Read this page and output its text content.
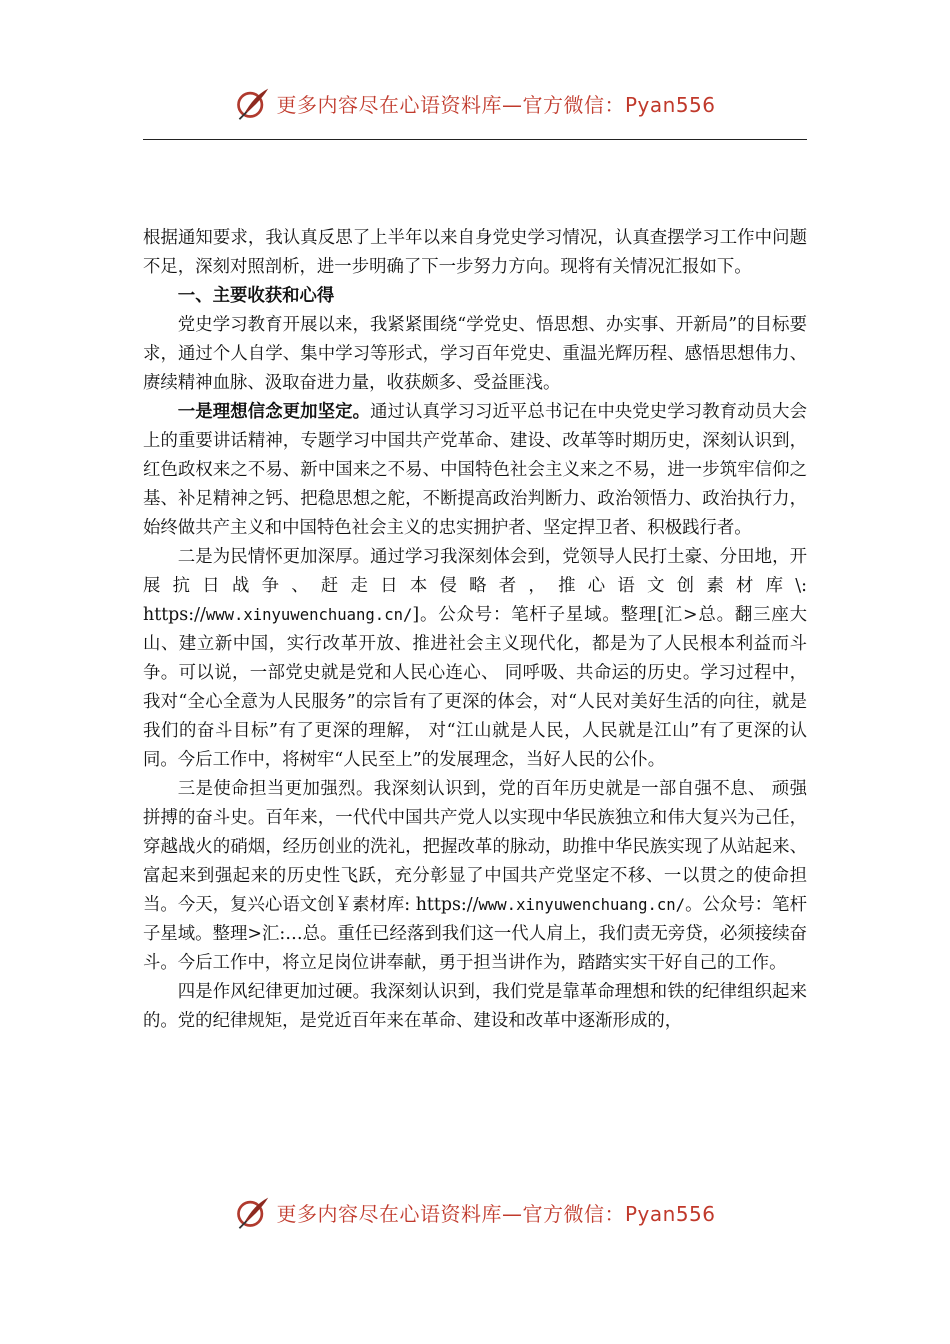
更多内容尽在心语资料库—官方微信：Pyan556

根据通知要求，我认真反思了上半年以来自身党史学习情况，认真查摆学习工作中问题不足，深刻对照剖析，进一步明确了下一步努力方向。现将有关情况汇报如下。

一、主要收获和心得

党史学习教育开展以来，我紧紧围绕“学党史、悟思想、办实事、开新局”的目标要求，通过个人自学、集中学习等形式，学习百年党史、重温光辉历程、感悟思想伟力、赓续精神血脉、汲取奋进力量，收获颇多、受益匪浅。

一是理想信念更加坚定。通过认真学习习近平总书记在中央党史学习教育动员大会上的重要讲话精神，专题学习中国共产党革命、建设、改革等时期历史，深刻认识到，红色政权来之不易、新中国来之不易、中国特色社会主义来之不易，进一步筑牢信仰之基、补足精神之钙、把稳思想之舵，不断提高政治判断力、政治领悟力、政治执行力，始终做共产主义和中国特色社会主义的忠实拥护者、坚定捍卫者、积极践行者。

二是为民情怀更加深厚。通过学习我深刻体会到，党领导人民打土豪、分田地，开展抗日战争、赶走日本侵略者，推心语文创素材库\: https://www.xinyuwenchuang.cn/]。公众号：笔杆子星域。整理[汇>总。翻三座大山、建立新中国，实行改革开放、推进社会主义现代化，都是为了人民根本利益而斗争。可以说，一部党史就是党和人民心连心、 同呼吸、共命运的历史。学习过程中，我对“全心全意为人民服务”的宗旨有了更深的体会，对“人民对美好生活的向往，就是我们的奋斗目标”有了更深的理解， 对“江山就是人民，人民就是江山”有了更深的认同。今后工作中，将树牢“人民至上”的发展理念，当好人民的公仆。

三是使命担当更加强烈。我深刻认识到，党的百年历史就是一部自强不息、 顽强拼搏的奋斗史。百年来，一代代中国共产党人以实现中华民族独立和伟大复兴为己任，穿越战火的硝烟，经历创业的洗礼，把握改革的脉动，助推中华民族实现了从站起来、富起来到强起来的历史性飞跃，充分彰显了中国共产党坚定不移、一以贯之的使命担当。今天，复兴心语文创￥素材库: https://www.xinyuwenchuang.cn/。公众号：笔杆子星域。整理>汇:…总。重任已经落到我们这一代人肩上，我们责无旁贷，必须接续奋斗。今后工作中，将立足岗位讲奉献，勇于担当讲作为，踏踏实实干好自己的工作。

四是作风纪律更加过硬。我深刻认识到，我们党是靠革命理想和铁的纪律组织起来的。党的纪律规矩，是党近百年来在革命、建设和改革中逐渐形成的，

更多内容尽在心语资料库—官方微信：Pyan556
